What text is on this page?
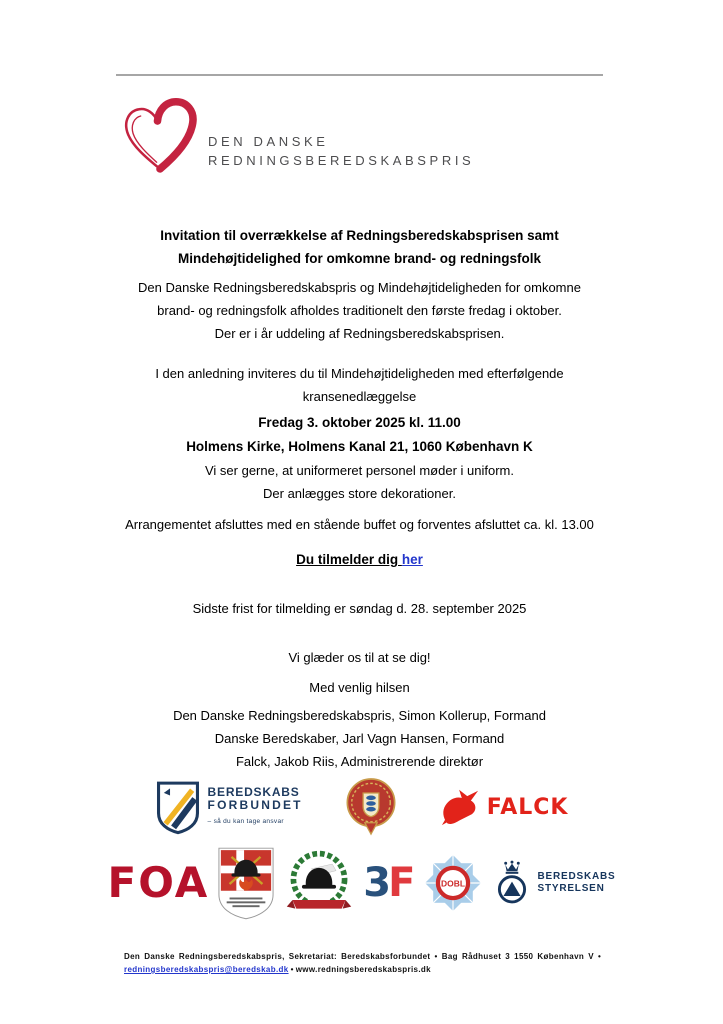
DEN DANSKE
REDNINGSBEREDSKABSPRIS
Invitation til overrækkelse af Redningsberedskabsprisen samt
Mindehøjtidelighed for omkomne brand- og redningsfolk
Den Danske Redningsberedskabspris og Mindehøjtideligheden for omkomne
brand- og redningsfolk afholdes traditionelt den første fredag i oktober.
Der er i år uddeling af Redningsberedskabsprisen.
I den anledning inviteres du til Mindehøjtideligheden med efterfølgende
kransenedlæggelse
Fredag 3. oktober 2025 kl. 11.00
Holmens Kirke, Holmens Kanal 21, 1060 København K
Vi ser gerne, at uniformeret personel møder i uniform.
Der anlægges store dekorationer.
Arrangementet afsluttes med en stående buffet og forventes afsluttet ca. kl. 13.00
Du tilmelder dig her
Sidste frist for tilmelding er søndag d. 28. september 2025
Vi glæder os til at se dig!
Med venlig hilsen
Den Danske Redningsberedskabspris, Simon Kollerup, Formand
Danske Beredskaber, Jarl Vagn Hansen, Formand
Falck, Jakob Riis, Administrerende direktør
BEREDSKABS
FORBUNDET
– så du kan tage ansvar
FALCK
FOA	3F	DOBL
BEREDSKABS
STYRELSEN
Den Danske Redningsberedskabspris, Sekretariat: Beredskabsforbundet • Bag Rådhuset 3 1550 København V •
redningsberedskabspris@beredskab.dk • www.redningsberedskabspris.dk
